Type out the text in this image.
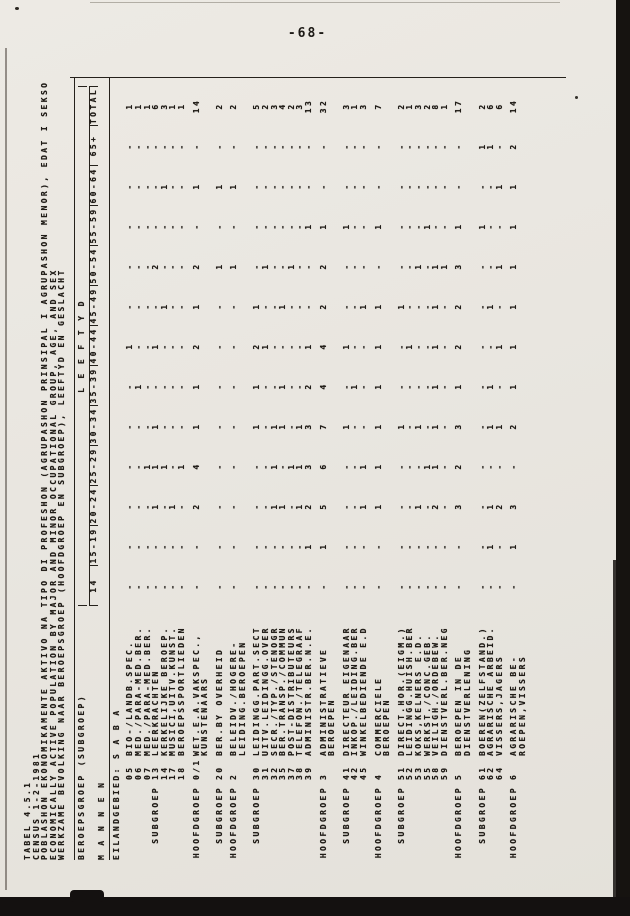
-68-
TABEL 4.5.1 CENSUS 1-2-1981 POBLASHON EKONOMIKAMENTE AKTIVO NA TIPO DI PROFESHON (AGRUPASHON PRINSIPAL I AGRUPASHON MENOR), EDAT I SEKSO ECONOMICALLY ACTIVE POPULATION BY MAJOR AND MINOR OCCUPATIONAL GROUP, AGE, AND SEX WERKZAME BEVOLKING NAAR BEROEPSGROEP (HOOFDGROEP EN SUBGROEP), LEEFTYD EN GESLACHT BEROEPSGROEP (SUBGROEP)
L E E F T Y D
14
15-19
20-24
25-29
30-34
35-39
40-44
45-49
50-54
55-59
60-64
65+
TOTAL
M A N N E N EILANDGEBIED: S A B A 05BIO-/LANDB.SPEC.
-
-
-
-
-
-
1
-
-
-
-
-
1
06MED./PARA-MED.BER.
-
-
-
-
-
1
-
-
-
-
-
-
1
07MED./PARA-MED.BER.
-
-
-
1
-
-
-
-
-
-
-
-
1
SUBGROEP13LEERKRACHTEN
-
-
1
1
1
-
1
-
2
-
-
-
6
14KERKELIJKE BEROEP.
-
-
-
1
-
-
-
1
-
-
1
-
3
17MUSICI,UITV.KUNST.
-
-
1
-
-
-
-
-
-
-
-
-
1
18BEROEPSSPORTLIEDEN
-
-
-
1
-
-
-
-
-
-
-
-
1
HOOFDGROEP0/1WET.E.A.VAKSPEC.,
-
-
2
4
1
1
2
1
2
-
1
-
14
KUNSTENAARS
SUBGROEP20BER.BY OVERHEID
-
-
-
-
-
-
-
-
1
-
1
-
2
HOOFDGROEP2BELEIDV./HOGERE-
-
-
-
-
-
-
-
-
1
-
1
-
2
LEIDING.BEROEPEN
SUBGROEP30LEIDINGG.PART.SECT
-
-
-
-
1
1
2
1
-
-
-
-
5
31UITV.LEIDINGG.OVER
-
-
-
-
-
-
1
-
1
-
-
-
2
32SECR./TYP./STENOGR
-
-
1
1
1
-
-
-
-
-
-
-
3
35BER.TRANSP./COMMUN
-
-
1
-
1
1
-
1
-
-
-
-
4
37POST-DISTRIBUTEURS
-
-
-
1
-
-
-
-
1
-
-
-
2
38TELEFON./TELEGRAAF
-
-
1
1
1
-
-
-
-
-
-
-
3
39ADMINISTR.BER.N.E.
-
1
2
3
3
2
1
-
-
1
-
-
13
HOOFDGROEP3ADMINISTRATIEVE
-
1
5
6
7
4
4
2
2
1
-
-
32
BEROEPEN
SUBGROEP41DIRECTEUR EIGENAAR
-
-
-
-
1
-
1
-
-
1
-
-
3
42INKOP./LEIDING.BER
-
-
-
-
-
1
-
-
-
-
-
-
1
45WINKELBEDIENDE E.D
-
-
1
1
-
-
-
1
-
-
-
-
3
HOOFDGROEP4COMMERCIELE
-
-
1
1
1
1
1
1
-
1
-
-
7
BEROEPEN
SUBGROEP51DIRECT.HOR.(EIGM.)
-
-
-
-
1
-
-
1
-
-
-
-
2
52LEIDINGG.HUISH.BER
-
-
-
-
-
-
1
-
-
-
-
-
1
53KOKS,KELNERS E.D.
-
-
1
-
1
-
-
-
1
-
-
-
3
55WERKST./CONC.GEB.
-
-
-
1
-
-
-
-
-
1
-
-
2
58VEILIGH./ORDEBEW.
-
-
2
1
1
1
1
1
1
-
-
-
8
59DIENSTVERL.BER.NEG
-
-
-
-
-
-
-
-
1
-
-
-
1
HOOFDGROEP5BEROEPEN IN DE
-
-
3
2
3
1
2
2
3
1
-
-
17
DIENSTVERLENING
SUBGROEP61BOEREN(ZELFSTAND.)
-
-
-
-
-
-
-
-
-
1
-
1
2
62AGRARISCHE ARBEID.
-
1
1
-
1
1
-
1
-
-
-
1
6
64VISSERS,JAGERS
-
-
2
-
1
-
1
-
1
-
1
-
6
HOOFDGROEP6AGRARISCHE BE-
-
1
3
-
2
1
1
1
1
1
1
2
14
ROEPEN,VISSERS
